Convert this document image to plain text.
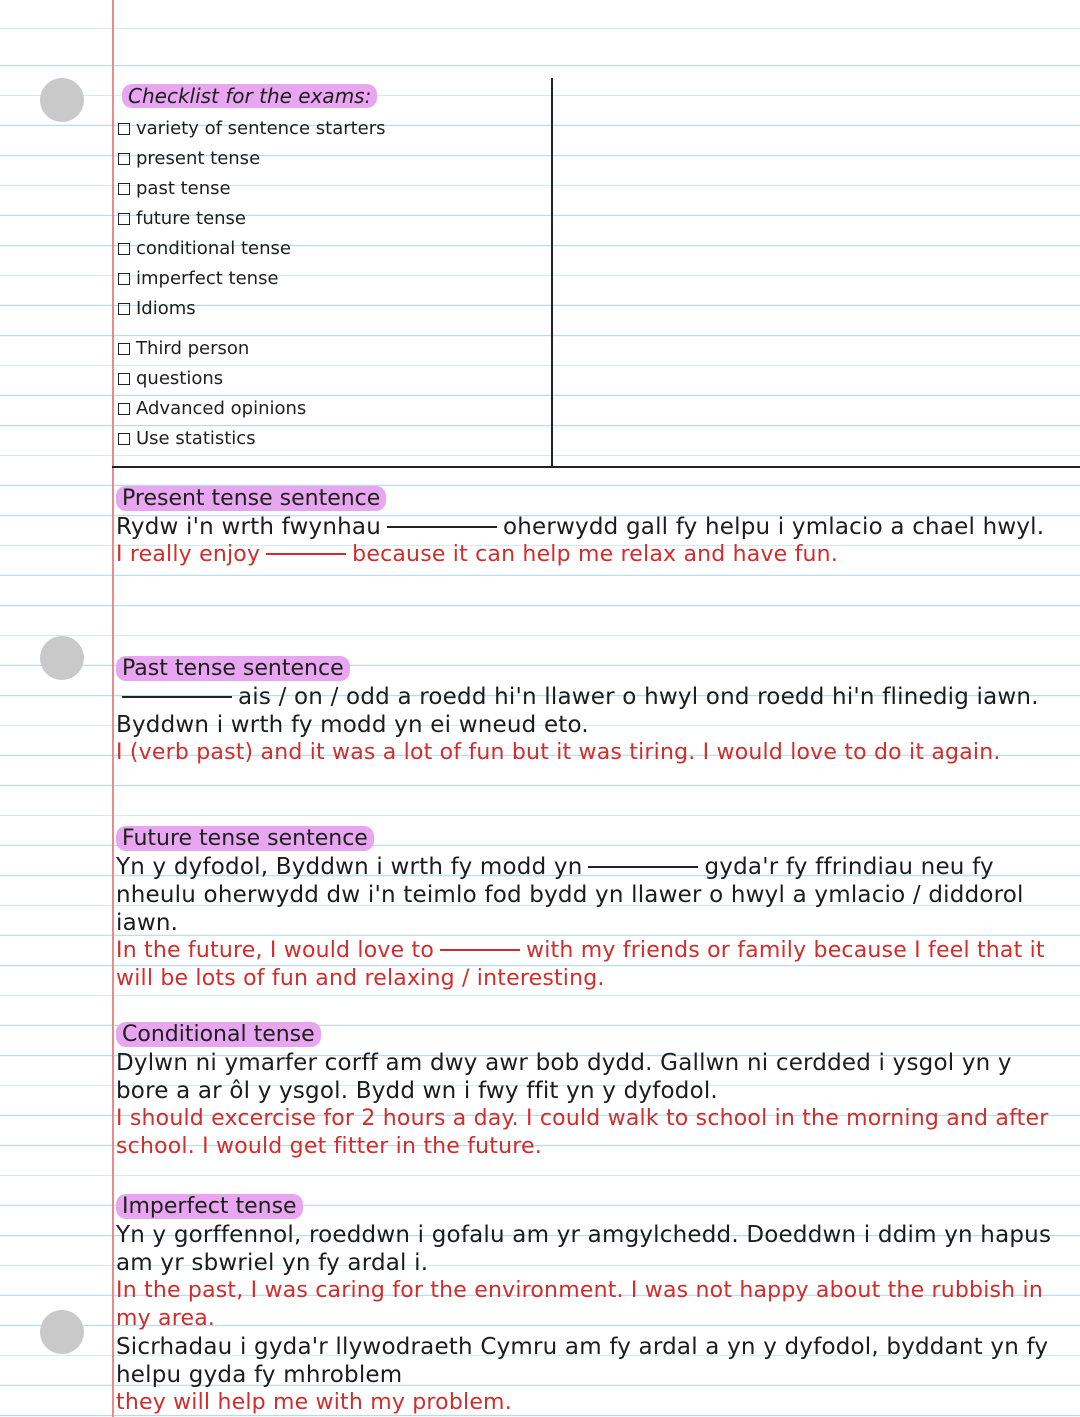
Checklist for the exams:
variety of sentence starters
present tense
past tense
future tense
conditional tense
imperfect tense
Idioms
Third person
questions
Advanced opinions
Use statistics
Present tense sentence
Rydw i'n wrth fwynhau	oherwydd gall fy helpu i ymlacio a chael hwyl.
I really enjoy	because it can help me relax and have fun.
Past tense sentence
ais / on / odd a roedd hi'n llawer o hwyl ond roedd hi'n flinedig iawn. Byddwn i wrth fy modd yn ei wneud eto.
I (verb past) and it was a lot of fun but it was tiring. I would love to do it again.
Future tense sentence
Yn y dyfodol, Byddwn i wrth fy modd yn	gyda'r fy ffrindiau neu fy nheulu oherwydd dw i'n teimlo fod bydd yn llawer o hwyl a ymlacio / diddorol iawn.
In the future, I would love to	with my friends or family because I feel that it will be lots of fun and relaxing / interesting.
Conditional tense
Dylwn ni ymarfer corff am dwy awr bob dydd. Gallwn ni cerdded i ysgol yn y bore a ar ôl y ysgol. Bydd wn i fwy ffit yn y dyfodol.
I should excercise for 2 hours a day. I could walk to school in the morning and after school. I would get fitter in the future.
Imperfect tense
Yn y gorffennol, roeddwn i gofalu am yr amgylchedd. Doeddwn i ddim yn hapus am yr sbwriel yn fy ardal i.
In the past, I was caring for the environment. I was not happy about the rubbish in my area.
Sicrhadau i gyda'r llywodraeth Cymru am fy ardal a yn y dyfodol, byddant yn fy helpu gyda fy mhroblem
they will help me with my problem.
